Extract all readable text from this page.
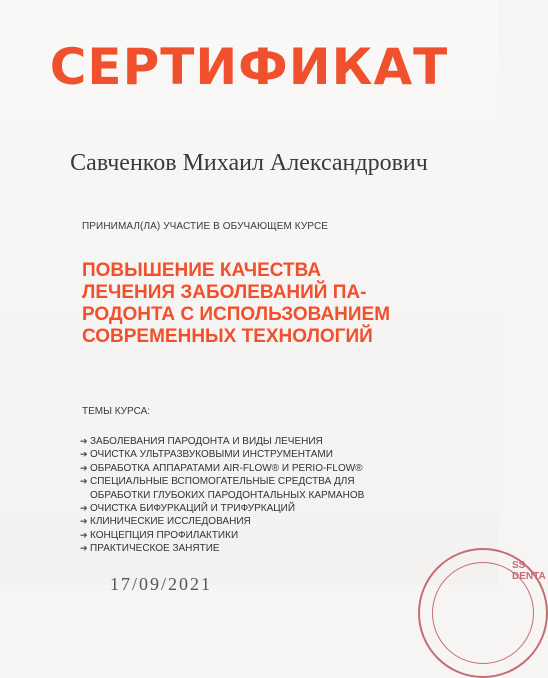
СЕРТИФИКАТ
Савченков Михаил Александрович
ПРИНИМАЛ(ЛА) УЧАСТИЕ В ОБУЧАЮЩЕМ КУРСЕ
ПОВЫШЕНИЕ КАЧЕСТВА
ЛЕЧЕНИЯ ЗАБОЛЕВАНИЙ ПА-
РОДОНТА С ИСПОЛЬЗОВАНИЕМ
СОВРЕМЕННЫХ ТЕХНОЛОГИЙ
ТЕМЫ КУРСА:
➔ ЗАБОЛЕВАНИЯ ПАРОДОНТА И ВИДЫ ЛЕЧЕНИЯ
➔ ОЧИСТКА УЛЬТРАЗВУКОВЫМИ ИНСТРУМЕНТАМИ
➔ ОБРАБОТКА АППАРАТАМИ AIR-FLOW® И PERIO-FLOW®
➔ СПЕЦИАЛЬНЫЕ ВСПОМОГАТЕЛЬНЫЕ СРЕДСТВА ДЛЯ
ОБРАБОТКИ ГЛУБОКИХ ПАРОДОНТАЛЬНЫХ КАРМАНОВ
➔ ОЧИСТКА БИФУРКАЦИЙ И ТРИФУРКАЦИЙ
➔ КЛИНИЧЕСКИЕ ИССЛЕДОВАНИЯ
➔ КОНЦЕПЦИЯ ПРОФИЛАКТИКИ
➔ ПРАКТИЧЕСКОЕ ЗАНЯТИЕ
17/09/2021
SS DENTA
